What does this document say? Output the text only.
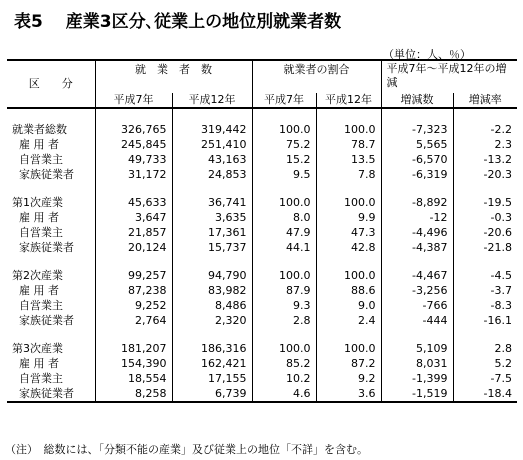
表5　 産業3区分､従業上の地位別就業者数
（単位：人、％）
区　　分	就　業　者　数		就業者の割合		平成7年～平成12年の増減	
	平成7年	平成12年	平成7年	平成12年	増減数	増減率

就業者総数	326,765	319,442	100.0	100.0	-7,323	-2.2
雇 用 者	245,845	251,410	75.2	78.7	5,565	2.3
自営業主	49,733	43,163	15.2	13.5	-6,570	-13.2
家族従業者	31,172	24,853	9.5	7.8	-6,319	-20.3

第1次産業	45,633	36,741	100.0	100.0	-8,892	-19.5
雇 用 者	3,647	3,635	8.0	9.9	-12	-0.3
自営業主	21,857	17,361	47.9	47.3	-4,496	-20.6
家族従業者	20,124	15,737	44.1	42.8	-4,387	-21.8

第2次産業	99,257	94,790	100.0	100.0	-4,467	-4.5
雇 用 者	87,238	83,982	87.9	88.6	-3,256	-3.7
自営業主	9,252	8,486	9.3	9.0	-766	-8.3
家族従業者	2,764	2,320	2.8	2.4	-444	-16.1

第3次産業	181,207	186,316	100.0	100.0	5,109	2.8
雇 用 者	154,390	162,421	85.2	87.2	8,031	5.2
自営業主	18,554	17,155	10.2	9.2	-1,399	-7.5
家族従業者	8,258	6,739	4.6	3.6	-1,519	-18.4
（注）　総数には、「分類不能の産業」及び従業上の地位「不詳」を含む。
